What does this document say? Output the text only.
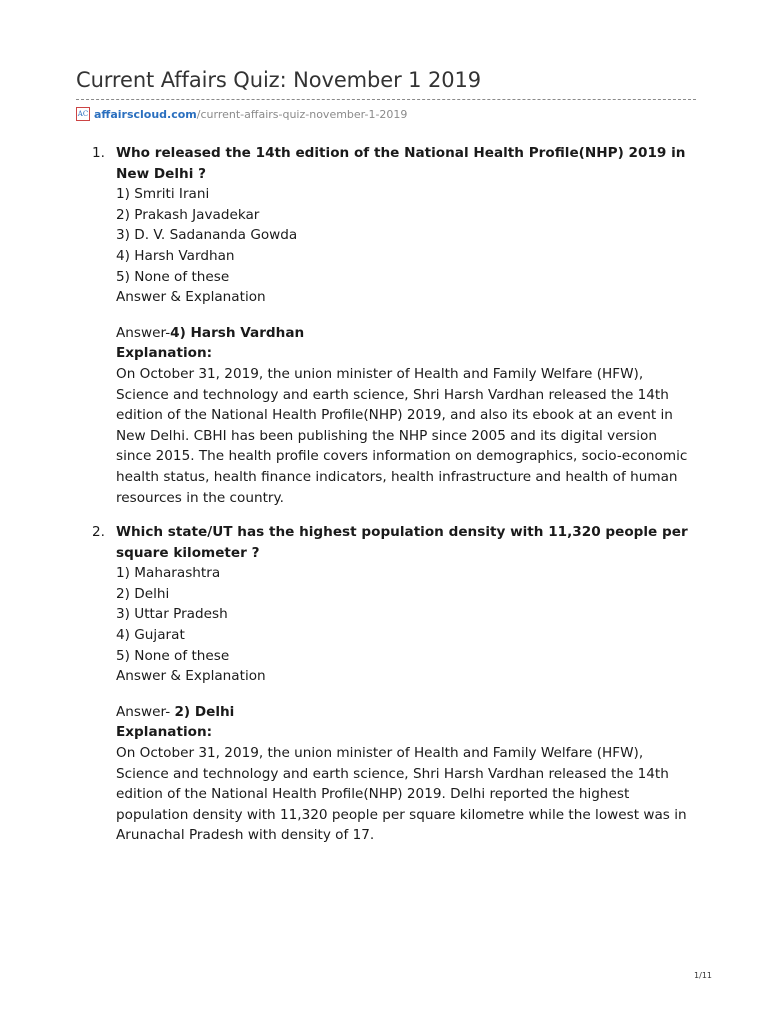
Current Affairs Quiz: November 1 2019
AC affairscloud.com /current-affairs-quiz-november-1-2019
1. Who released the 14th edition of the National Health Profile(NHP) 2019 in New Delhi ?
1) Smriti Irani
2) Prakash Javadekar
3) D. V. Sadananda Gowda
4) Harsh Vardhan
5) None of these
Answer & Explanation
Answer-4) Harsh Vardhan
Explanation:
On October 31, 2019, the union minister of Health and Family Welfare (HFW), Science and technology and earth science, Shri Harsh Vardhan released the 14th edition of the National Health Profile(NHP) 2019, and also its ebook at an event in New Delhi. CBHI has been publishing the NHP since 2005 and its digital version since 2015. The health profile covers information on demographics, socio-economic health status, health finance indicators, health infrastructure and health of human resources in the country.
2. Which state/UT has the highest population density with 11,320 people per square kilometer ?
1) Maharashtra
2) Delhi
3) Uttar Pradesh
4) Gujarat
5) None of these
Answer & Explanation
Answer- 2) Delhi
Explanation:
On October 31, 2019, the union minister of Health and Family Welfare (HFW), Science and technology and earth science, Shri Harsh Vardhan released the 14th edition of the National Health Profile(NHP) 2019. Delhi reported the highest population density with 11,320 people per square kilometre while the lowest was in Arunachal Pradesh with density of 17.
1/11
